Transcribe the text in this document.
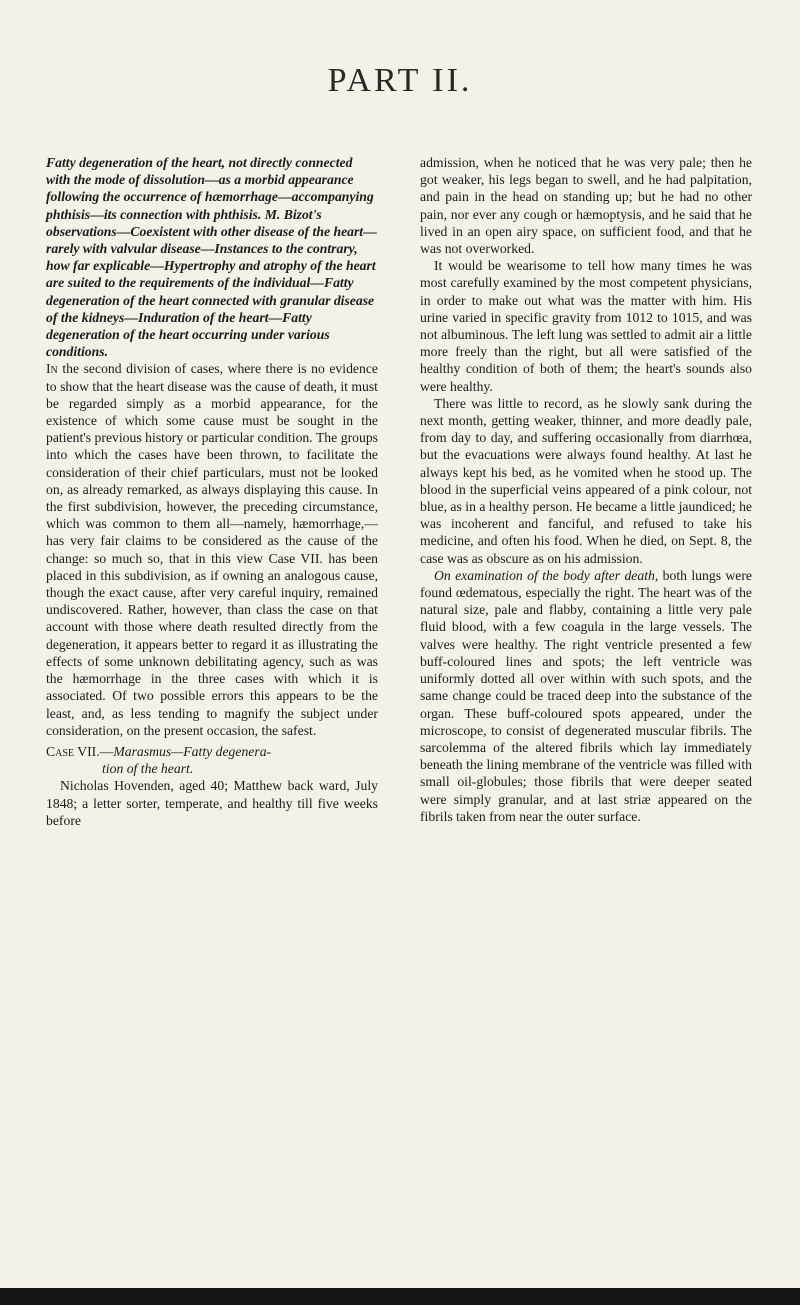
PART II.

Fatty degeneration of the heart, not directly connected with the mode of dissolution—as a morbid appearance following the occurrence of hæmorrhage—accompanying phthisis—its connection with phthisis. M. Bizot's observations—Coexistent with other disease of the heart—rarely with valvular disease—Instances to the contrary, how far explicable—Hypertrophy and atrophy of the heart are suited to the requirements of the individual—Fatty degeneration of the heart connected with granular disease of the kidneys—Induration of the heart—Fatty degeneration of the heart occurring under various conditions.

In the second division of cases, where there is no evidence to show that the heart disease was the cause of death, it must be regarded simply as a morbid appearance, for the existence of which some cause must be sought in the patient's previous history or particular condition. The groups into which the cases have been thrown, to facilitate the consideration of their chief particulars, must not be looked on, as already remarked, as always displaying this cause. In the first subdivision, however, the preceding circumstance, which was common to them all—namely, hæmorrhage,—has very fair claims to be considered as the cause of the change: so much so, that in this view Case VII. has been placed in this subdivision, as if owning an analogous cause, though the exact cause, after very careful inquiry, remained undiscovered. Rather, however, than class the case on that account with those where death resulted directly from the degeneration, it appears better to regard it as illustrating the effects of some unknown debilitating agency, such as was the hæmorrhage in the three cases with which it is associated. Of two possible errors this appears to be the least, and, as less tending to magnify the subject under consideration, on the present occasion, the safest.

Case VII.—Marasmus—Fatty degenera-
tion of the heart.

Nicholas Hovenden, aged 40; Matthew back ward, July 1848; a letter sorter, temperate, and healthy till five weeks before

admission, when he noticed that he was very pale; then he got weaker, his legs began to swell, and he had palpitation, and pain in the head on standing up; but he had no other pain, nor ever any cough or hæmoptysis, and he said that he lived in an open airy space, on sufficient food, and that he was not overworked.

It would be wearisome to tell how many times he was most carefully examined by the most competent physicians, in order to make out what was the matter with him. His urine varied in specific gravity from 1012 to 1015, and was not albuminous. The left lung was settled to admit air a little more freely than the right, but all were satisfied of the healthy condition of both of them; the heart's sounds also were healthy.

There was little to record, as he slowly sank during the next month, getting weaker, thinner, and more deadly pale, from day to day, and suffering occasionally from diarrhœa, but the evacuations were always found healthy. At last he always kept his bed, as he vomited when he stood up. The blood in the superficial veins appeared of a pink colour, not blue, as in a healthy person. He became a little jaundiced; he was incoherent and fanciful, and refused to take his medicine, and often his food. When he died, on Sept. 8, the case was as obscure as on his admission.

On examination of the body after death, both lungs were found œdematous, especially the right. The heart was of the natural size, pale and flabby, containing a little very pale fluid blood, with a few coagula in the large vessels. The valves were healthy. The right ventricle presented a few buff-coloured lines and spots; the left ventricle was uniformly dotted all over within with such spots, and the same change could be traced deep into the substance of the organ. These buff-coloured spots appeared, under the microscope, to consist of degenerated muscular fibrils. The sarcolemma of the altered fibrils which lay immediately beneath the lining membrane of the ventricle was filled with small oil-globules; those fibrils that were deeper seated were simply granular, and at last striæ appeared on the fibrils taken from near the outer surface.
